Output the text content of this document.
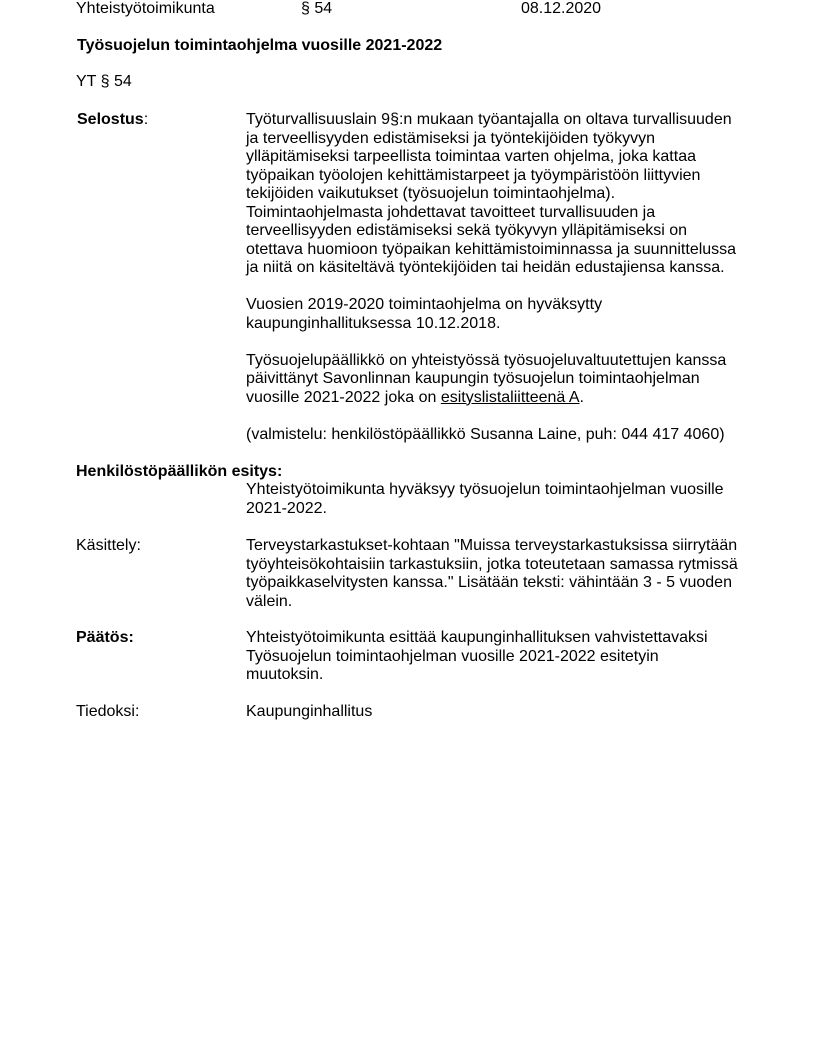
Yhteistyötoimikunta	§ 54	08.12.2020
Työsuojelun toimintaohjelma vuosille 2021-2022
YT § 54
Selostus:	Työturvallisuuslain 9§:n mukaan työantajalla on oltava turvallisuuden
ja terveellisyyden edistämiseksi ja työntekijöiden työkyvyn
ylläpitämiseksi tarpeellista toimintaa varten ohjelma, joka kattaa
työpaikan työolojen kehittämistarpeet ja työympäristöön liittyvien
tekijöiden vaikutukset (työsuojelun toimintaohjelma).
Toimintaohjelmasta johdettavat tavoitteet turvallisuuden ja
terveellisyyden edistämiseksi sekä työkyvyn ylläpitämiseksi on
otettava huomioon työpaikan kehittämistoiminnassa ja suunnittelussa
ja niitä on käsiteltävä työntekijöiden tai heidän edustajiensa kanssa.
Vuosien 2019-2020 toimintaohjelma on hyväksytty
kaupunginhallituksessa 10.12.2018.
Työsuojelupäällikkö on yhteistyössä työsuojeluvaltuutettujen kanssa
päivittänyt Savonlinnan kaupungin työsuojelun toimintaohjelman
vuosille 2021-2022 joka on esityslistaliitteenä A.
(valmistelu: henkilöstöpäällikkö Susanna Laine, puh: 044 417 4060)
Henkilöstöpäällikön esitys:
Yhteistyötoimikunta hyväksyy työsuojelun toimintaohjelman vuosille
2021-2022.
Käsittely:	Terveystarkastukset-kohtaan "Muissa terveystarkastuksissa siirrytään
työyhteisökohtaisiin tarkastuksiin, jotka toteutetaan samassa rytmissä
työpaikkaselvitysten kanssa." Lisätään teksti: vähintään 3 - 5 vuoden
välein.
Päätös:	Yhteistyötoimikunta esittää kaupunginhallituksen vahvistettavaksi
Työsuojelun toimintaohjelman vuosille 2021-2022 esitetyin
muutoksin.
Tiedoksi:	Kaupunginhallitus
